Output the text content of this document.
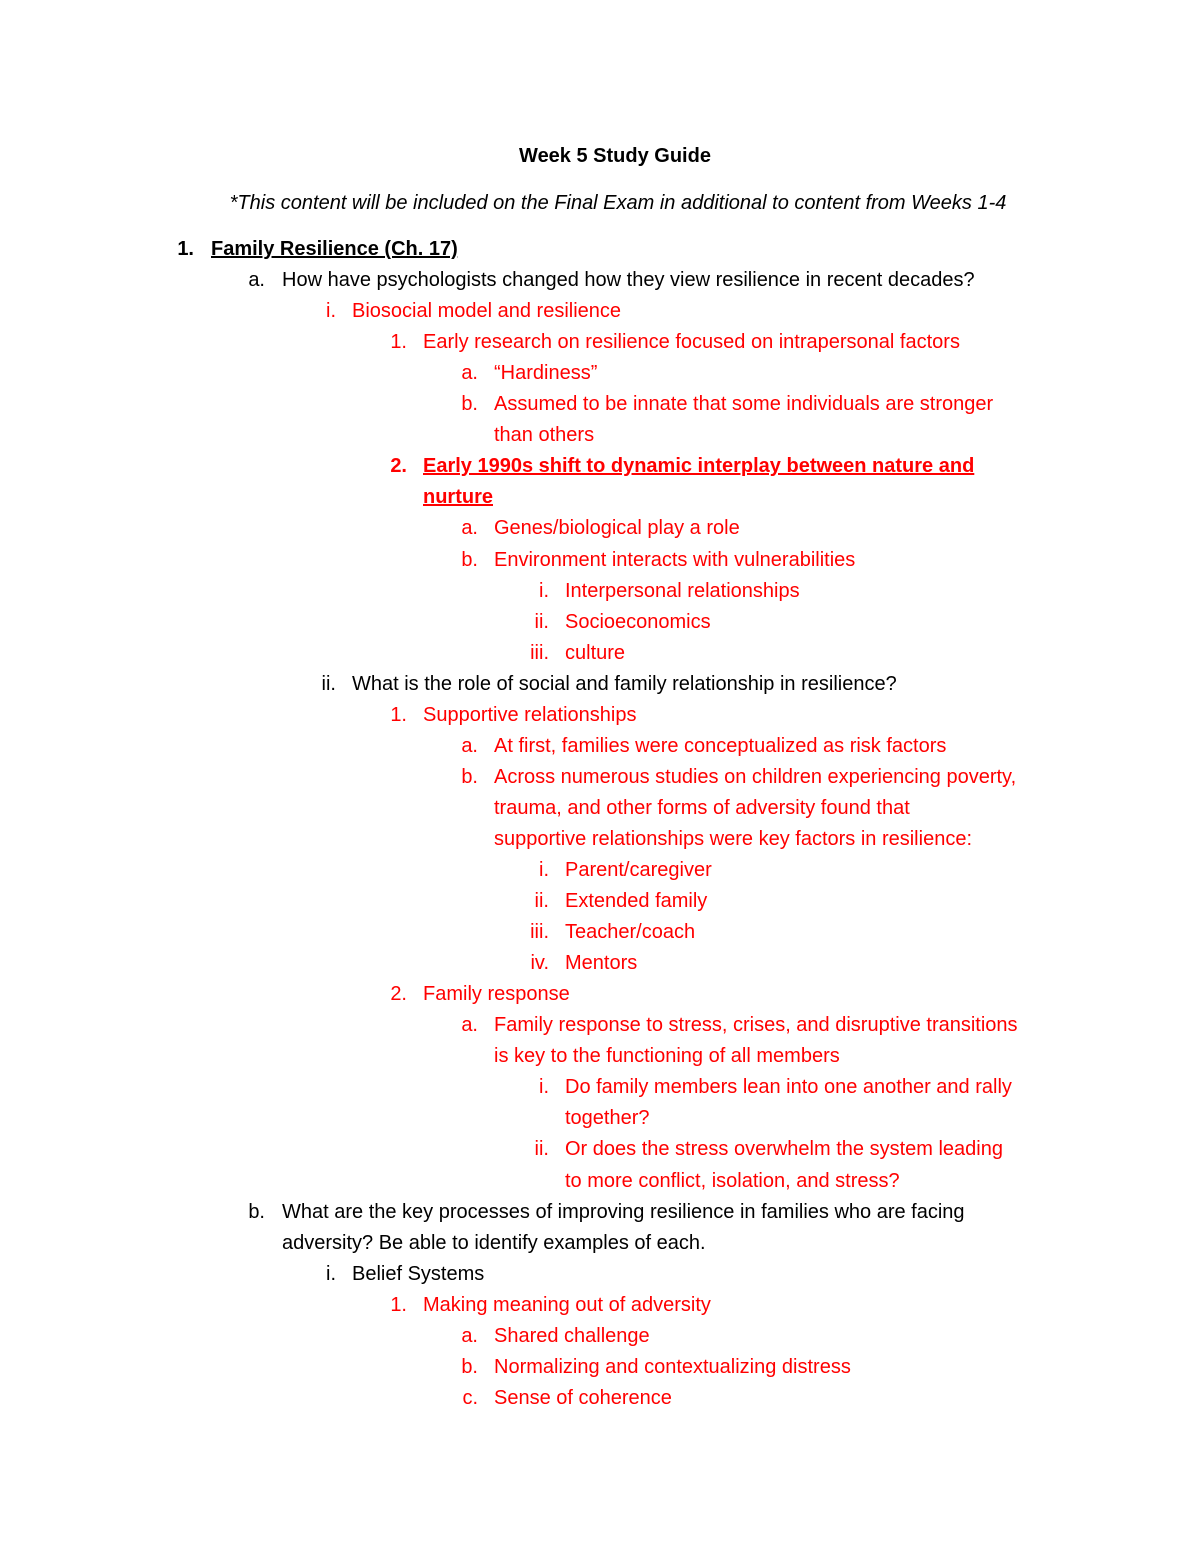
Week 5 Study Guide
*This content will be included on the Final Exam in additional to content from Weeks 1-4
1. Family Resilience (Ch. 17)
a. How have psychologists changed how they view resilience in recent decades?
i. Biosocial model and resilience
1. Early research on resilience focused on intrapersonal factors
a. “Hardiness”
b. Assumed to be innate that some individuals are stronger
than others
2. Early 1990s shift to dynamic interplay between nature and
nurture
a. Genes/biological play a role
b. Environment interacts with vulnerabilities
i. Interpersonal relationships
ii. Socioeconomics
iii. culture
ii. What is the role of social and family relationship in resilience?
1. Supportive relationships
a. At first, families were conceptualized as risk factors
b. Across numerous studies on children experiencing poverty,
trauma, and other forms of adversity found that
supportive relationships were key factors in resilience:
i. Parent/caregiver
ii. Extended family
iii. Teacher/coach
iv. Mentors
2. Family response
a. Family response to stress, crises, and disruptive transitions
is key to the functioning of all members
i. Do family members lean into one another and rally
together?
ii. Or does the stress overwhelm the system leading
to more conflict, isolation, and stress?
b. What are the key processes of improving resilience in families who are facing
adversity? Be able to identify examples of each.
i. Belief Systems
1. Making meaning out of adversity
a. Shared challenge
b. Normalizing and contextualizing distress
c. Sense of coherence
